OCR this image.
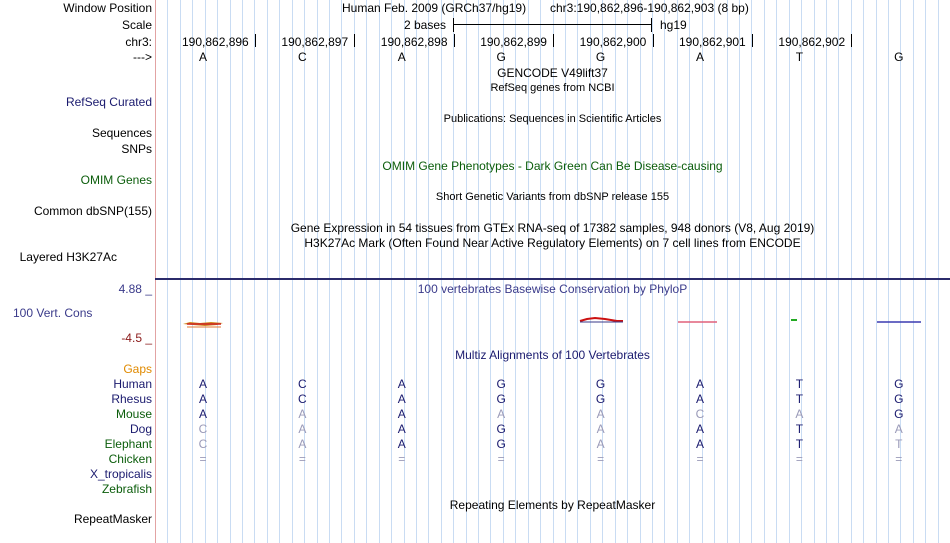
Window Position	Human Feb. 2009 (GRCh37/hg19) chr3:190,862,896-190,862,903 (8 bp)
Scale	2 bases	hg19
chr3:	190,862,896	190,862,897	190,862,898	190,862,899	190,862,900	190,862,901	190,862,902
--->	A	C	A	G	G	A	T	G
GENCODE V49lift37
RefSeq genes from NCBI
RefSeq Curated
Publications: Sequences in Scientific Articles
Sequences
SNPs
OMIM Gene Phenotypes - Dark Green Can Be Disease-causing
OMIM Genes
Short Genetic Variants from dbSNP release 155
Common dbSNP(155)
Gene Expression in 54 tissues from GTEx RNA-seq of 17382 samples, 948 donors (V8, Aug 2019)
H3K27Ac Mark (Often Found Near Active Regulatory Elements) on 7 cell lines from ENCODE
Layered H3K27Ac
4.88 _	100 vertebrates Basewise Conservation by PhyloP
100 Vert. Cons
-4.5 _
Multiz Alignments of 100 Vertebrates
Gaps
Human	A	C	A	G	G	A	T	G
Rhesus	A	C	A	G	G	A	T	G
Mouse	A	A	A	A	A	C	A	G
Dog	C	A	A	G	A	A	T	A
Elephant	C	A	A	G	A	A	T	T
Chicken	=	=	=	=	=	=	=	=
X_tropicalis
Zebrafish
Repeating Elements by RepeatMasker
RepeatMasker
